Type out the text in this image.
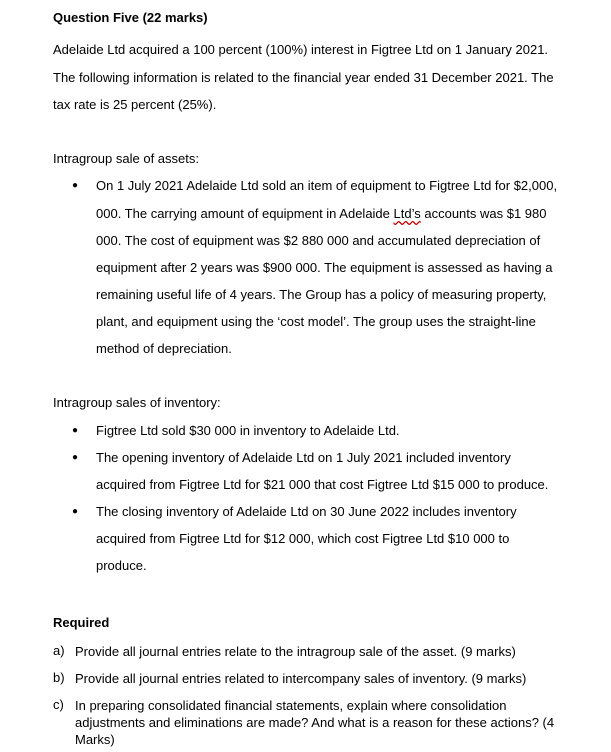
Question Five (22 marks)
Adelaide Ltd acquired a 100 percent (100%) interest in Figtree Ltd on 1 January 2021.
The following information is related to the financial year ended 31 December 2021. The
tax rate is 25 percent (25%).
Intragroup sale of assets:
● On 1 July 2021 Adelaide Ltd sold an item of equipment to Figtree Ltd for $2,000,
000. The carrying amount of equipment in Adelaide Ltd’s accounts was $1 980
000. The cost of equipment was $2 880 000 and accumulated depreciation of
equipment after 2 years was $900 000. The equipment is assessed as having a
remaining useful life of 4 years. The Group has a policy of measuring property,
plant, and equipment using the ‘cost model’. The group uses the straight-line
method of depreciation.
Intragroup sales of inventory:
● Figtree Ltd sold $30 000 in inventory to Adelaide Ltd.
● The opening inventory of Adelaide Ltd on 1 July 2021 included inventory
acquired from Figtree Ltd for $21 000 that cost Figtree Ltd $15 000 to produce.
● The closing inventory of Adelaide Ltd on 30 June 2022 includes inventory
acquired from Figtree Ltd for $12 000, which cost Figtree Ltd $10 000 to
produce.
Required
a) Provide all journal entries relate to the intragroup sale of the asset. (9 marks)
b) Provide all journal entries related to intercompany sales of inventory. (9 marks)
c) In preparing consolidated financial statements, explain where consolidation adjustments and eliminations are made? And what is a reason for these actions? (4 Marks)
